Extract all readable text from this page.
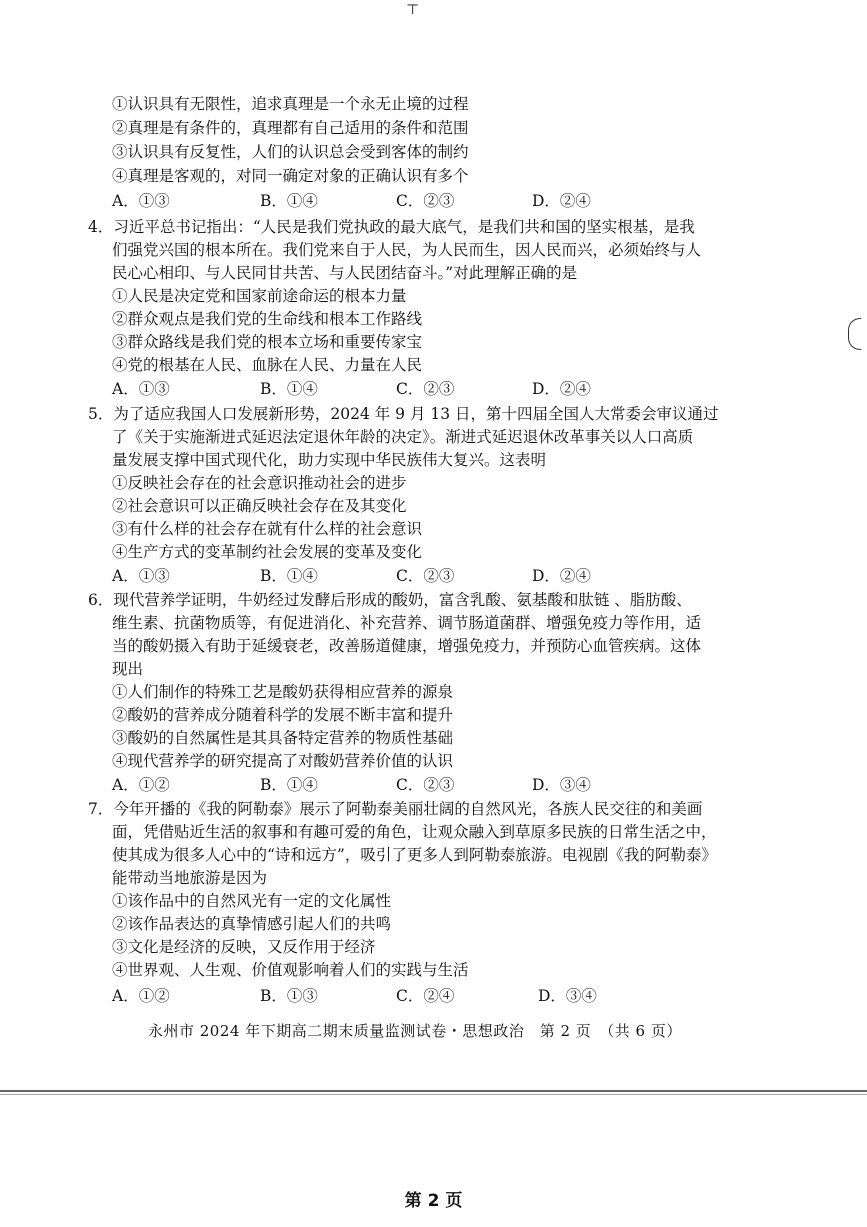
⊤
①认识具有无限性，追求真理是一个永无止境的过程
②真理是有条件的，真理都有自己适用的条件和范围
③认识具有反复性，人们的认识总会受到客体的制约
④真理是客观的，对同一确定对象的正确认识有多个
A．①③	B．①④	C．②③	D．②④
4．习近平总书记指出：“人民是我们党执政的最大底气，是我们共和国的坚实根基，是我
们强党兴国的根本所在。我们党来自于人民，为人民而生，因人民而兴，必须始终与人
民心心相印、与人民同甘共苦、与人民团结奋斗。”对此理解正确的是
①人民是决定党和国家前途命运的根本力量
②群众观点是我们党的生命线和根本工作路线
③群众路线是我们党的根本立场和重要传家宝
④党的根基在人民、血脉在人民、力量在人民
A．①③	B．①④	C．②③	D．②④
5．为了适应我国人口发展新形势，2024 年 9 月 13 日，第十四届全国人大常委会审议通过
了《关于实施渐进式延迟法定退休年龄的决定》。渐进式延迟退休改革事关以人口高质
量发展支撑中国式现代化，助力实现中华民族伟大复兴。这表明
①反映社会存在的社会意识推动社会的进步
②社会意识可以正确反映社会存在及其变化
③有什么样的社会存在就有什么样的社会意识
④生产方式的变革制约社会发展的变革及变化
A．①③	B．①④	C．②③	D．②④
6．现代营养学证明，牛奶经过发酵后形成的酸奶，富含乳酸、氨基酸和肽链 、脂肪酸、
维生素、抗菌物质等，有促进消化、补充营养、调节肠道菌群、增强免疫力等作用，适
当的酸奶摄入有助于延缓衰老，改善肠道健康，增强免疫力，并预防心血管疾病。这体
现出
①人们制作的特殊工艺是酸奶获得相应营养的源泉
②酸奶的营养成分随着科学的发展不断丰富和提升
③酸奶的自然属性是其具备特定营养的物质性基础
④现代营养学的研究提高了对酸奶营养价值的认识
A．①②	B．①④	C．②③	D．③④
7．今年开播的《我的阿勒泰》展示了阿勒泰美丽壮阔的自然风光，各族人民交往的和美画
面，凭借贴近生活的叙事和有趣可爱的角色，让观众融入到草原多民族的日常生活之中，
使其成为很多人心中的“诗和远方”，吸引了更多人到阿勒泰旅游。电视剧《我的阿勒泰》
能带动当地旅游是因为
①该作品中的自然风光有一定的文化属性
②该作品表达的真挚情感引起人们的共鸣
③文化是经济的反映，又反作用于经济
④世界观、人生观、价值观影响着人们的实践与生活
A．①②	B．①③	C．②④	D．③④
永州市 2024 年下期高二期末质量监测试卷・思想政治　第 2 页　（共 6 页）
第 2 页
